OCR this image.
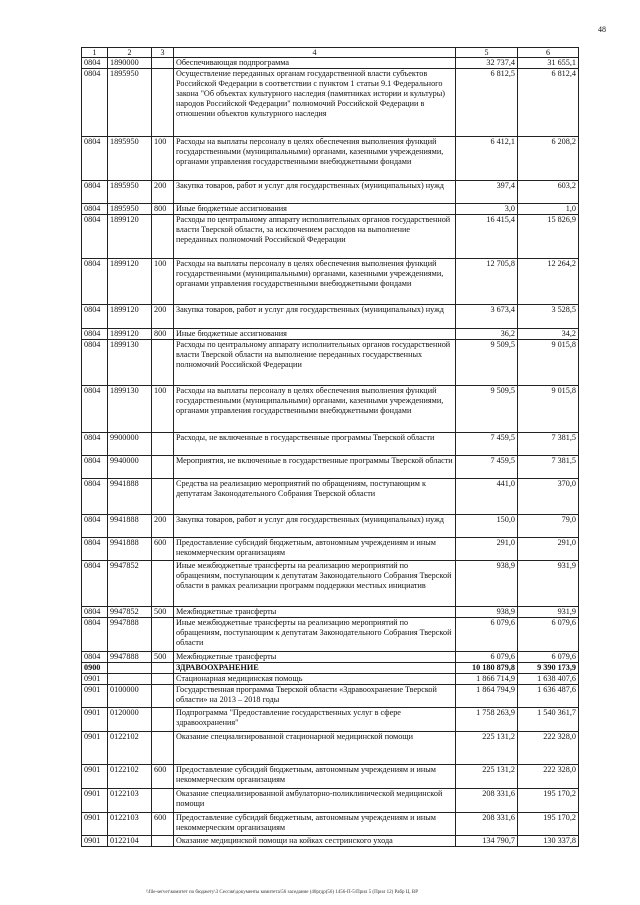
48
1	2	3	4	5	6
0804	1890000		Обеспечивающая подпрограмма	32 737,4	31 655,1
0804	1895950		Осуществление переданных органам государственной власти субъектов Российской Федерации в соответствии с пунктом 1 статьи 9.1 Федерального закона "Об объектах культурного наследия (памятниках истории и культуры) народов Российской Федерации" полномочий Российской Федерации в отношении объектов культурного наследия	6 812,5	6 812,4
0804	1895950	100	Расходы на выплаты персоналу в целях обеспечения выполнения функций государственными (муниципальными) органами, казенными учреждениями, органами управления государственными внебюджетными фондами	6 412,1	6 208,2
0804	1895950	200	Закупка товаров, работ и услуг для государственных (муниципальных) нужд	397,4	603,2
0804	1895950	800	Иные бюджетные ассигнования	3,0	1,0
0804	1899120		Расходы по центральному аппарату исполнительных органов государственной власти Тверской области, за исключением расходов на выполнение переданных полномочий Российской Федерации	16 415,4	15 826,9
0804	1899120	100	Расходы на выплаты персоналу в целях обеспечения выполнения функций государственными (муниципальными) органами, казенными учреждениями, органами управления государственными внебюджетными фондами	12 705,8	12 264,2
0804	1899120	200	Закупка товаров, работ и услуг для государственных (муниципальных) нужд	3 673,4	3 528,5
0804	1899120	800	Иные бюджетные ассигнования	36,2	34,2
0804	1899130		Расходы по центральному аппарату исполнительных органов государственной власти Тверской области на выполнение переданных государственных полномочий Российской Федерации	9 509,5	9 015,8
0804	1899130	100	Расходы на выплаты персоналу в целях обеспечения выполнения функций государственными (муниципальными) органами, казенными учреждениями, органами управления государственными внебюджетными фондами	9 509,5	9 015,8
0804	9900000		Расходы, не включенные в государственные программы Тверской области	7 459,5	7 381,5
0804	9940000		Мероприятия, не включенные в государственные программы Тверской области	7 459,5	7 381,5
0804	9941888		Средства на реализацию мероприятий по обращениям, поступающим к депутатам Законодательного Собрания Тверской области	441,0	370,0
0804	9941888	200	Закупка товаров, работ и услуг для государственных (муниципальных) нужд	150,0	79,0
0804	9941888	600	Предоставление субсидий бюджетным, автономным учреждениям и иным некоммерческим организациям	291,0	291,0
0804	9947852		Иные межбюджетные трансферты на реализацию мероприятий по обращениям, поступающим к депутатам Законодательного Собрания Тверской области в рамках реализации программ поддержки местных инициатив	938,9	931,9
0804	9947852	500	Межбюджетные трансферты	938,9	931,9
0804	9947888		Иные межбюджетные трансферты на реализацию мероприятий по обращениям, поступающим к депутатам Законодательного Собрания Тверской области	6 079,6	6 079,6
0804	9947888	500	Межбюджетные трансферты	6 079,6	6 079,6
0900			ЗДРАВООХРАНЕНИЕ	10 180 879,8	9 390 173,9
0901			Стационарная медицинская помощь	1 866 714,9	1 638 407,6
0901	0100000		Государственная программа Тверской области «Здравоохранение Тверской области» на 2013 – 2018 годы	1 864 794,9	1 636 487,6
0901	0120000		Подпрограмма "Предоставление государственных услуг в сфере здравоохранения"	1 758 263,9	1 540 361,7
0901	0122102		Оказание специализированной стационарной медицинской помощи	225 131,2	222 328,0
0901	0122102	600	Предоставление субсидий бюджетным, автономным учреждениям и иным некоммерческим организациям	225 131,2	222 328,0
0901	0122103		Оказание специализированной амбулаторно-поликлинической медицинской помощи	208 331,6	195 170,2
0901	0122103	600	Предоставление субсидий бюджетным, автономным учреждениям и иным некоммерческим организациям	208 331,6	195 170,2
0901	0122104		Оказание медицинской помощи на койках сестринского ухода	134 790,7	130 337,8
\\file-server\комитет по бюджету\3 Сессия\документы комитета\56 заседание (40ргдр(56) 1456-П-5\Прил 5 (Прил 12) Рабр Ц. ВР
